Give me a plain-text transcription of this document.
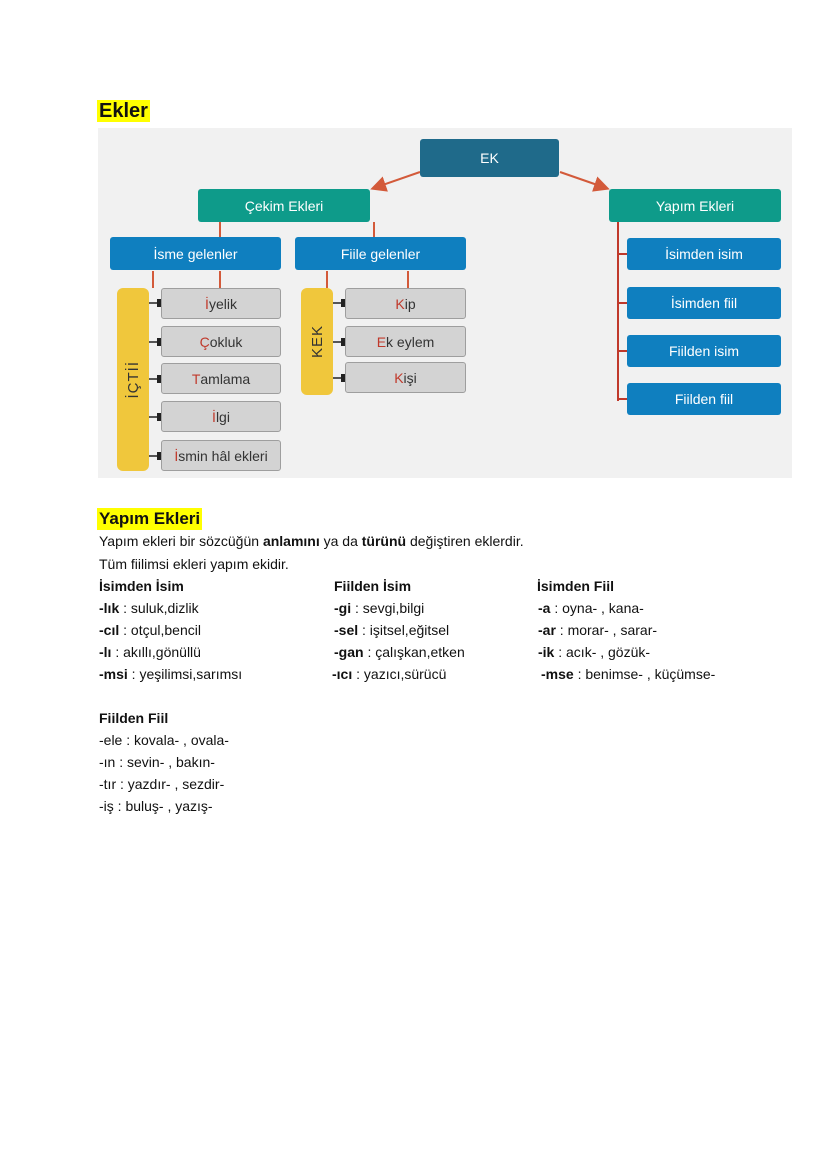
Ekler
EK
Çekim Ekleri	Yapım Ekleri
İsme gelenler	Fiile gelenler
İÇTİİ
KEK
İ yelik
Ç okluk
T amlama
İ lgi
İ smin hâl ekleri
K ip
E k eylem
K işi
İsimden isim
İsimden fiil
Fiilden isim
Fiilden fiil
Yapım Ekleri
Yapım ekleri bir sözcüğün anlamını ya da türünü değiştiren eklerdir.
Tüm fiilimsi ekleri yapım ekidir.
İsimden İsim
-lık : suluk,dizlik
-cıl : otçul,bencil
-lı : akıllı,gönüllü
-msi : yeşilimsi,sarımsı
Fiilden İsim
-gi : sevgi,bilgi
-sel : işitsel,eğitsel
-gan : çalışkan,etken
-ıcı : yazıcı,sürücü
İsimden Fiil
-a : oyna- , kana-
-ar : morar- , sarar-
-ik : acık- , gözük-
-mse : benimse- , küçümse-
Fiilden Fiil
-ele : kovala- , ovala-
-ın : sevin- , bakın-
-tır : yazdır- , sezdir-
-iş : buluş- , yazış-
